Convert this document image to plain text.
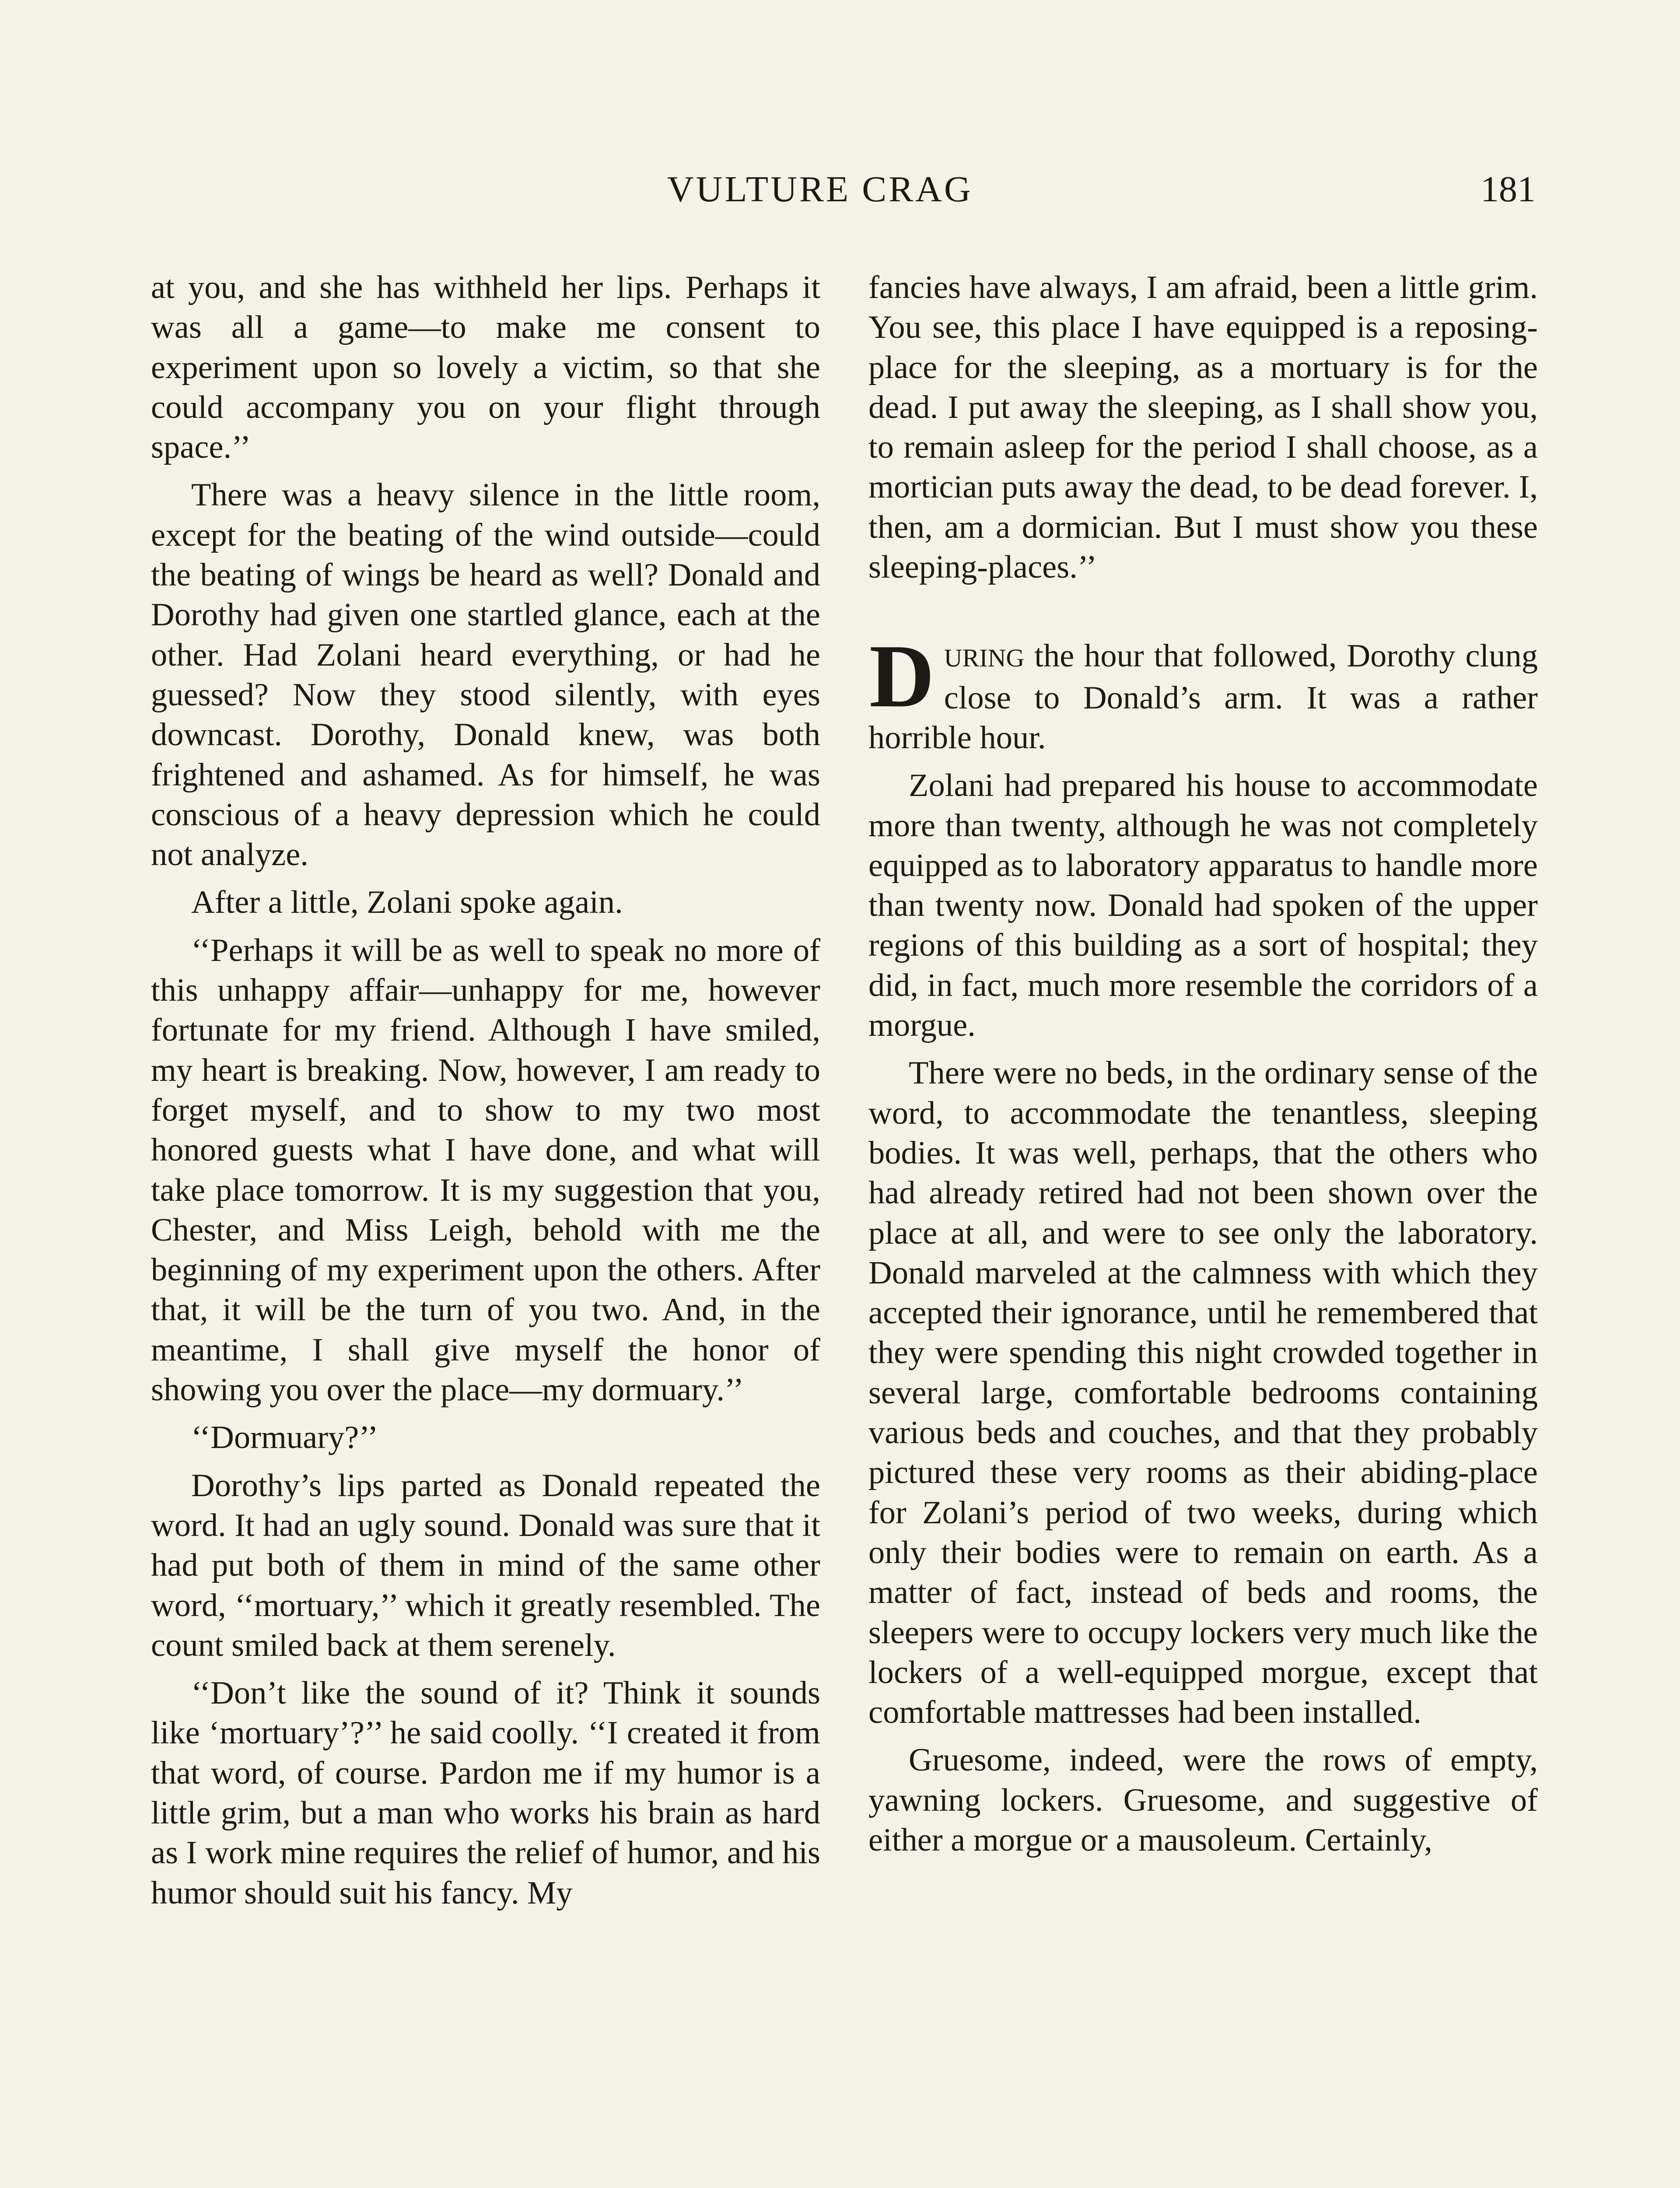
VULTURE CRAG	181

at you, and she has withheld her lips. Perhaps it was all a game—to make me consent to experiment upon so lovely a victim, so that she could accompany you on your flight through space.’’

There was a heavy silence in the little room, except for the beating of the wind outside—could the beating of wings be heard as well? Donald and Dorothy had given one startled glance, each at the other. Had Zolani heard everything, or had he guessed? Now they stood silently, with eyes downcast. Dorothy, Donald knew, was both frightened and ashamed. As for himself, he was conscious of a heavy depression which he could not analyze.

After a little, Zolani spoke again.

‘‘Perhaps it will be as well to speak no more of this unhappy affair—unhappy for me, however fortunate for my friend. Although I have smiled, my heart is breaking. Now, however, I am ready to forget myself, and to show to my two most honored guests what I have done, and what will take place tomorrow. It is my suggestion that you, Chester, and Miss Leigh, behold with me the beginning of my experiment upon the others. After that, it will be the turn of you two. And, in the meantime, I shall give myself the honor of showing you over the place—my dormuary.’’

‘‘Dormuary?’’

Dorothy’s lips parted as Donald repeated the word. It had an ugly sound. Donald was sure that it had put both of them in mind of the same other word, ‘‘mortuary,’’ which it greatly resembled. The count smiled back at them serenely.

‘‘Don’t like the sound of it? Think it sounds like ‘mortuary’?’’ he said coolly. ‘‘I created it from that word, of course. Pardon me if my humor is a little grim, but a man who works his brain as hard as I work mine requires the relief of humor, and his humor should suit his fancy. My

fancies have always, I am afraid, been a little grim. You see, this place I have equipped is a reposing-place for the sleeping, as a mortuary is for the dead. I put away the sleeping, as I shall show you, to remain asleep for the period I shall choose, as a mortician puts away the dead, to be dead forever. I, then, am a dormician. But I must show you these sleeping-places.’’

DURING the hour that followed, Dorothy clung close to Donald’s arm. It was a rather horrible hour.

Zolani had prepared his house to accommodate more than twenty, although he was not completely equipped as to laboratory apparatus to handle more than twenty now. Donald had spoken of the upper regions of this building as a sort of hospital; they did, in fact, much more resemble the corridors of a morgue.

There were no beds, in the ordinary sense of the word, to accommodate the tenantless, sleeping bodies. It was well, perhaps, that the others who had already retired had not been shown over the place at all, and were to see only the laboratory. Donald marveled at the calmness with which they accepted their ignorance, until he remembered that they were spending this night crowded together in several large, comfortable bedrooms containing various beds and couches, and that they probably pictured these very rooms as their abiding-place for Zolani’s period of two weeks, during which only their bodies were to remain on earth. As a matter of fact, instead of beds and rooms, the sleepers were to occupy lockers very much like the lockers of a well-equipped morgue, except that comfortable mattresses had been installed.

Gruesome, indeed, were the rows of empty, yawning lockers. Gruesome, and suggestive of either a morgue or a mausoleum. Certainly,
